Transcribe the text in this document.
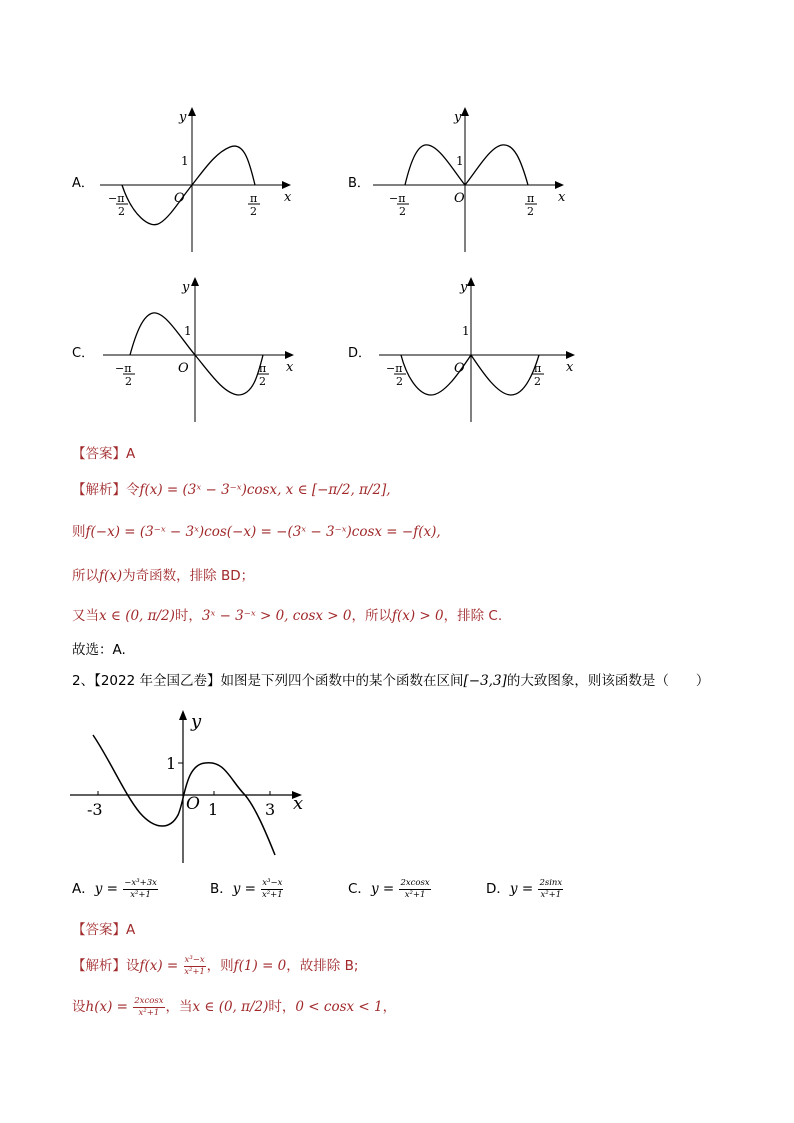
A．
y
x
O
1
−π
2
π
2
B．
y
x
O
1
−π
2
π
2
C．
y
x
O
1
−π
2
π
2
D．
y
x
O
1
−π
2
π
2
【答案】A
【解析】令f(x) = (3ˣ − 3⁻ˣ)cosx, x ∈ [−π/2, π/2],
则f(−x) = (3⁻ˣ − 3ˣ)cos(−x) = −(3ˣ − 3⁻ˣ)cosx = −f(x),
所以f(x)为奇函数，排除 BD；
又当x ∈ (0, π/2)时，3ˣ − 3⁻ˣ > 0, cosx > 0，所以f(x) > 0，排除 C.
故选：A.
2、【2022 年全国乙卷】如图是下列四个函数中的某个函数在区间[−3,3]的大致图象，则该函数是（　　）
y
x
O
-3	1	3
1
A．$y = \frac{\text{−x³+3x}}{\text{x²+1}}$	B．$y = \frac{\text{x³−x}}{\text{x²+1}}$	C．$y = \frac{2xcosx}{\text{x²+1}}$	D．$y = \frac{2\sin x}{\text{x²+1}}$
【答案】A
【解析】设$f(x) = \frac{\text{x³−x}}{\text{x²+1}}$ ，则f(1) = 0，故排除 B;
设$h(x) = \frac{2xcosx}{\text{x²+1}}$ ，当x ∈ (0, π/2)时，0 < cosx < 1，
